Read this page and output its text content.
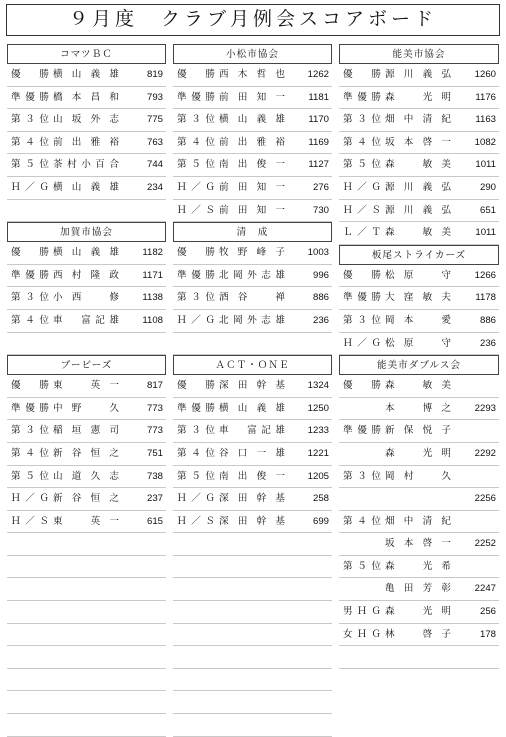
９月度　クラブ月例会スコアボード
コマツＢＣ
優　勝 横山義雄	819
準優勝 橋本昌和	793
第３位 山坂外志	775
第４位 前出雅裕	763
第５位 茶村小百合	744
Ｈ／Ｇ 横山義雄	234
加賀市協会
優　勝 横山義雄 1182
準優勝 西村隆政 1171
第３位 小西　修 1138
第４位 車　富記雄 1108
ブービーズ
優　勝 東　英一	817
準優勝 中野　久	773
第３位 稲垣憲司	773
第４位 新谷恒之	751
第５位 山道久志	738
Ｈ／Ｇ 新谷恒之	237
Ｈ／Ｓ 東　英一	615
小松市協会
優　勝 西木哲也 1262
準優勝 前田知一 1181
第３位 横山義雄 1170
第４位 前出雅裕 1169
第５位 南出俊一 1127
Ｈ／Ｇ 前田知一	276
Ｈ／Ｓ 前田知一	730
清　成
優　勝 牧野峰子 1003
準優勝 北岡外志雄	996
第３位 酒谷　禅	886
Ｈ／Ｇ 北岡外志雄	236
ＡＣＴ・ＯＮＥ
優　勝 深田幹基 1324
準優勝 横山義雄 1250
第３位 車　富記雄 1233
第４位 谷口一雄 1221
第５位 南出俊一 1205
Ｈ／Ｇ 深田幹基	258
Ｈ／Ｓ 深田幹基	699
能美市協会
優　勝 源川義弘 1260
準優勝 森　光明	1176
第３位 畑中清紀	1163
第４位 坂本啓一 1082
第５位 森　敏美	1011
Ｈ／Ｇ 源川義弘	290
Ｈ／Ｓ 源川義弘	651
Ｌ／Ｔ 森　敏美	1011
板尾ストライカーズ
優　勝 松原　守 1266
準優勝 大窪敏夫	1178
第３位 岡本　愛	886
Ｈ／Ｇ 松原　守	236
能美市ダブルス会
優　勝 森　敏美
本　博之 2293
準優勝 新保悦子
森　光明 2292
第３位 岡村　久
2256
第４位 畑中清紀
坂本啓一 2252
第５位 森　光希
亀田芳彰 2247
男ＨＧ 森　光明	256
女ＨＧ 林　啓子	178
